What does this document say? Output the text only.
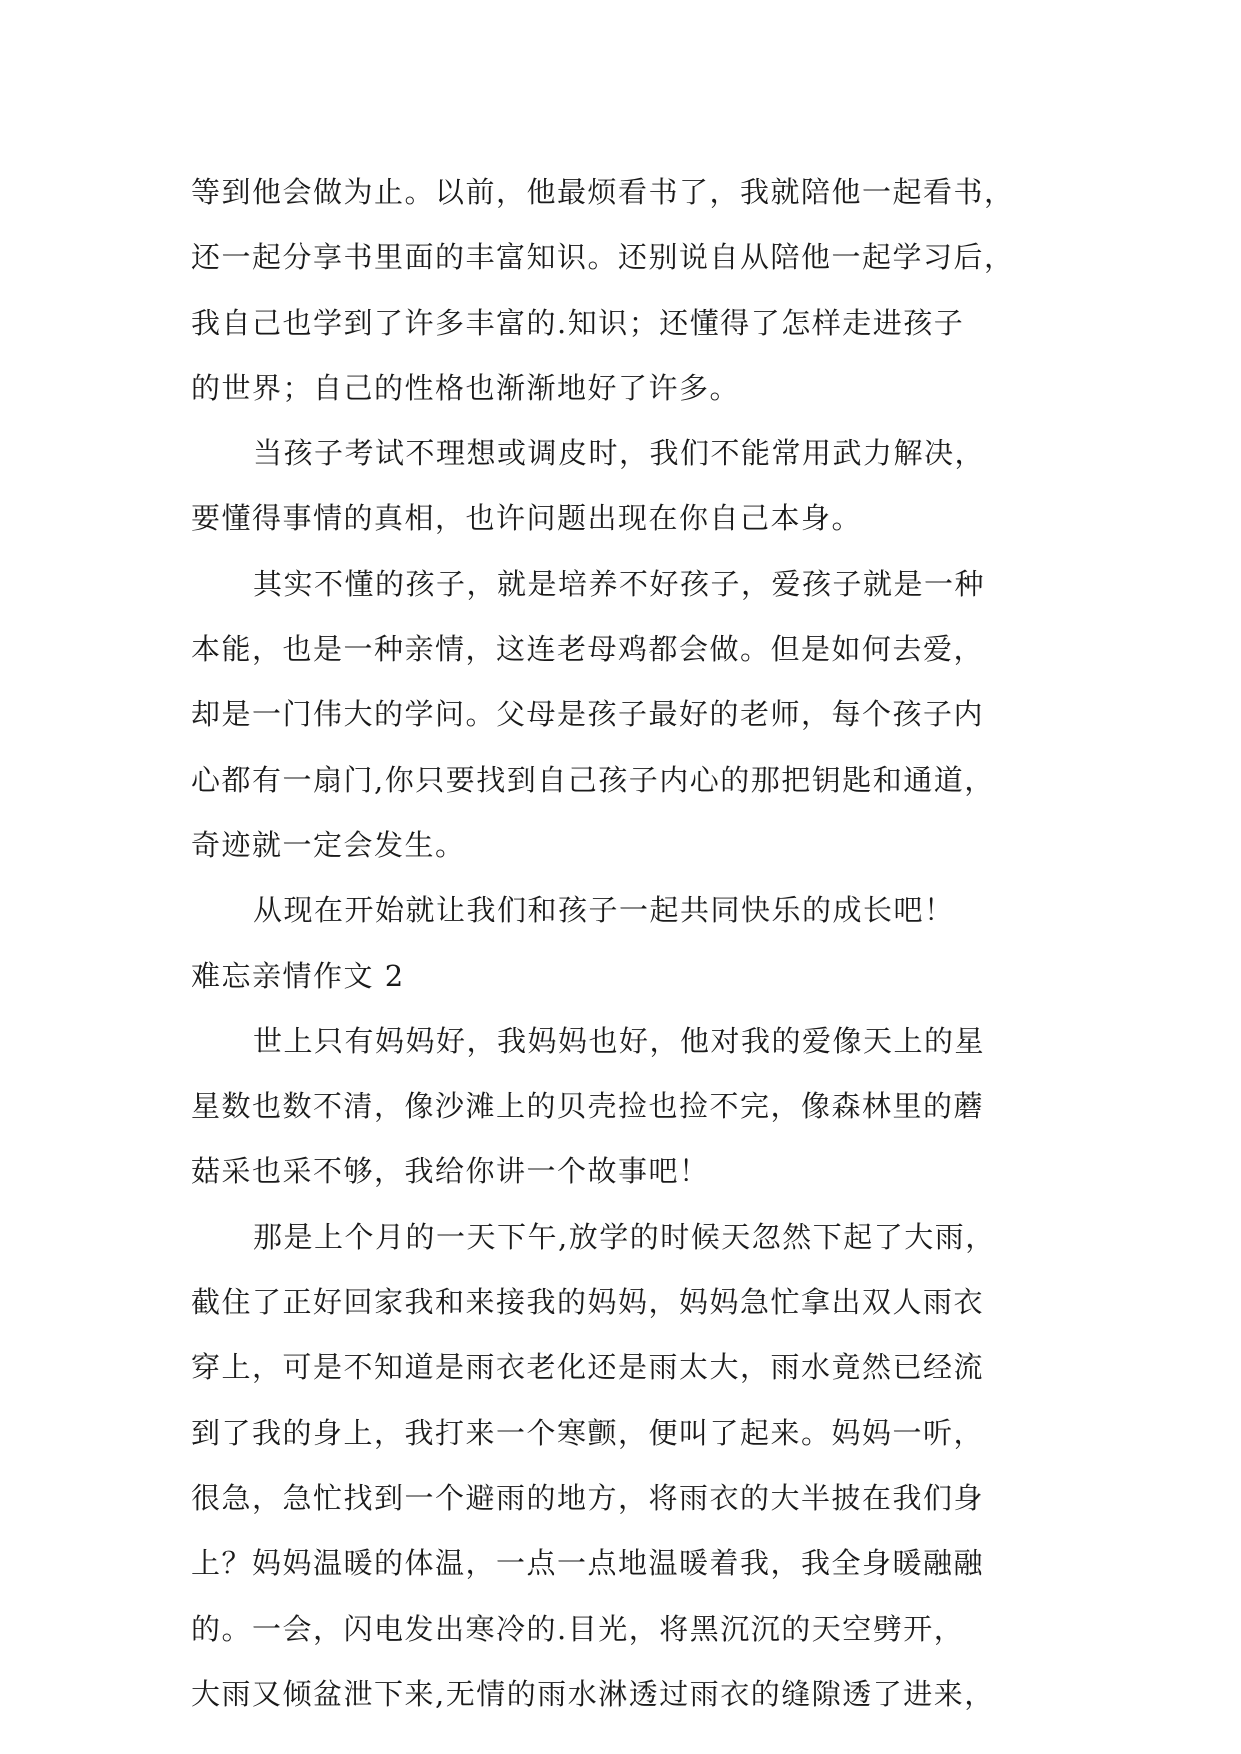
等到他会做为止。以前，他最烦看书了，我就陪他一起看书，
还一起分享书里面的丰富知识。还别说自从陪他一起学习后，
我自己也学到了许多丰富的.知识；还懂得了怎样走进孩子
的世界；自己的性格也渐渐地好了许多。
当孩子考试不理想或调皮时，我们不能常用武力解决，
要懂得事情的真相，也许问题出现在你自己本身。
其实不懂的孩子，就是培养不好孩子，爱孩子就是一种
本能，也是一种亲情，这连老母鸡都会做。但是如何去爱，
却是一门伟大的学问。父母是孩子最好的老师，每个孩子内
心都有一扇门,你只要找到自己孩子内心的那把钥匙和通道，
奇迹就一定会发生。
从现在开始就让我们和孩子一起共同快乐的成长吧！
难忘亲情作文 2
世上只有妈妈好，我妈妈也好，他对我的爱像天上的星
星数也数不清，像沙滩上的贝壳捡也捡不完，像森林里的蘑
菇采也采不够，我给你讲一个故事吧！
那是上个月的一天下午,放学的时候天忽然下起了大雨，
截住了正好回家我和来接我的妈妈，妈妈急忙拿出双人雨衣
穿上，可是不知道是雨衣老化还是雨太大，雨水竟然已经流
到了我的身上，我打来一个寒颤，便叫了起来。妈妈一听，
很急，急忙找到一个避雨的地方，将雨衣的大半披在我们身
上？妈妈温暖的体温，一点一点地温暖着我，我全身暖融融
的。一会，闪电发出寒冷的.目光，将黑沉沉的天空劈开，
大雨又倾盆泄下来,无情的雨水淋透过雨衣的缝隙透了进来，
